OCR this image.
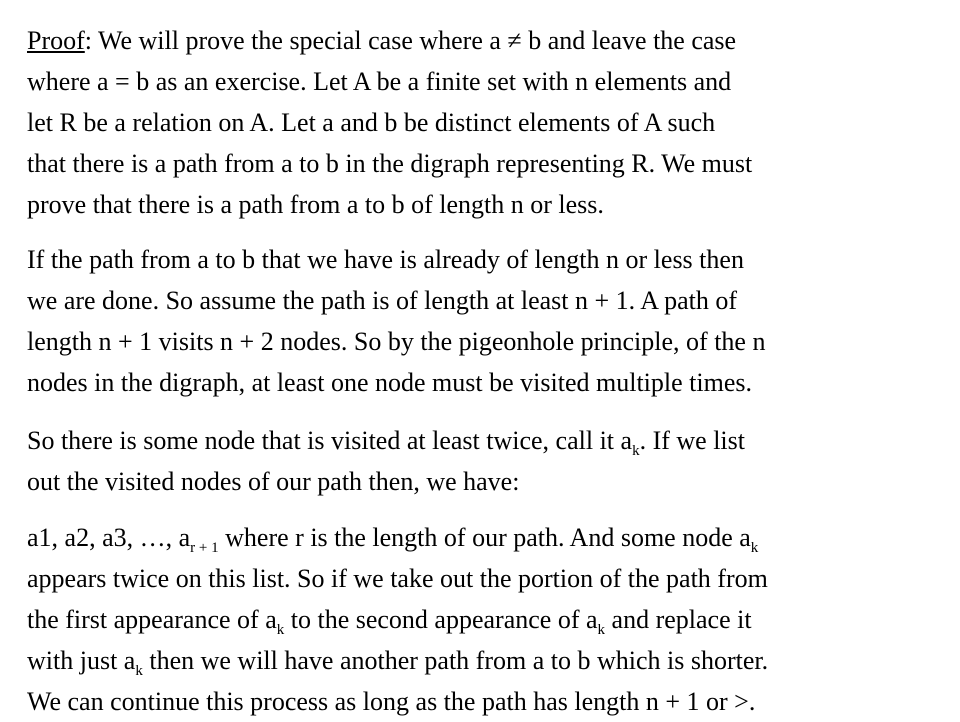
Proof: We will prove the special case where a ≠ b and leave the case
where a = b as an exercise. Let A be a finite set with n elements and
let R be a relation on A. Let a and b be distinct elements of A such
that there is a path from a to b in the digraph representing R. We must
prove that there is a path from a to b of length n or less.

If the path from a to b that we have is already of length n or less then
we are done. So assume the path is of length at least n + 1. A path of
length n + 1 visits n + 2 nodes. So by the pigeonhole principle, of the n
nodes in the digraph, at least one node must be visited multiple times.

So there is some node that is visited at least twice, call it $a_k$. If we list
out the visited nodes of our path then, we have:

a1, a2, a3, …, $a_{r + 1}$ where r is the length of our path. And some node $a_k$
appears twice on this list. So if we take out the portion of the path from
the first appearance of $a_k$ to the second appearance of $a_k$ and replace it
with just $a_k$ then we will have another path from a to b which is shorter.
We can continue this process as long as the path has length n + 1 or >.
